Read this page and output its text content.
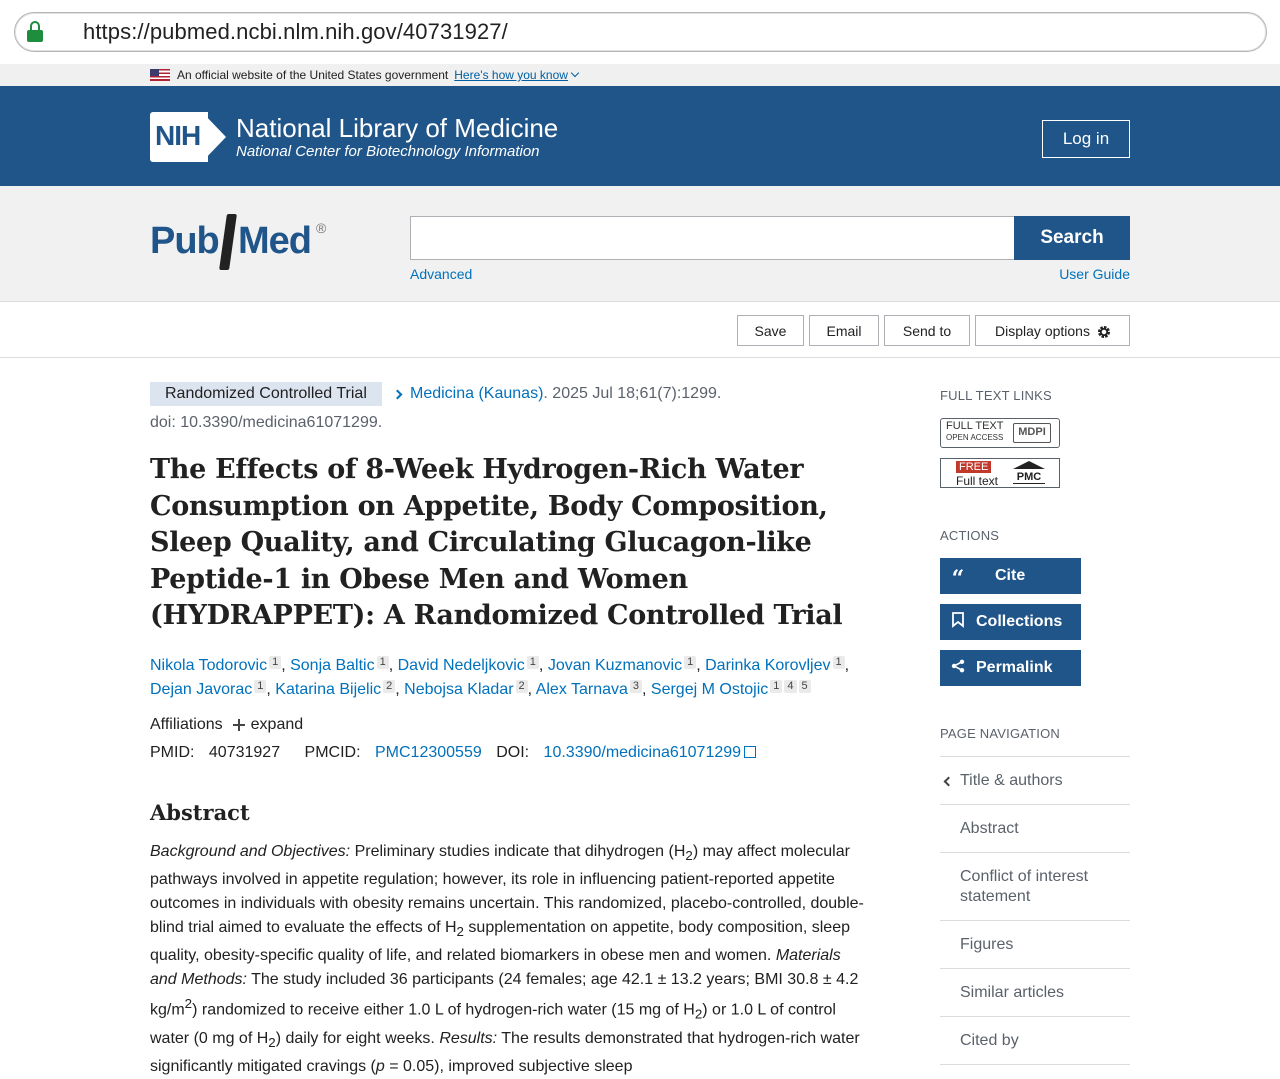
https://pubmed.ncbi.nlm.nih.gov/40731927/
An official website of the United States government Here's how you know
NIH National Library of Medicine
National Center for Biotechnology Information
Log in
Pub Med ®	Search
Advanced	User Guide
Save	Email	Send to	Display options
Randomized Controlled Trial	Medicina (Kaunas) . 2025 Jul 18;61(7):1299.
doi: 10.3390/medicina61071299.
The Effects of 8-Week Hydrogen-Rich Water Consumption on Appetite, Body Composition, Sleep Quality, and Circulating Glucagon-like Peptide-1 in Obese Men and Women (HYDRAPPET): A Randomized Controlled Trial
Nikola Todorovic 1 , Sonja Baltic 1 , David Nedeljkovic 1 , Jovan Kuzmanovic 1 , Darinka Korovljev 1 , Dejan Javorac 1 , Katarina Bijelic 2 , Nebojsa Kladar 2 , Alex Tarnava 3 , Sergej M Ostojic 1 4 5
Affiliations expand
PMID: 40731927 PMCID: PMC12300559 DOI: 10.3390/medicina61071299
Abstract
Background and Objectives: Preliminary studies indicate that dihydrogen $(H_2)$ may affect molecular pathways involved in appetite regulation; however, its role in influencing patient-reported appetite outcomes in individuals with obesity remains uncertain. This randomized, placebo-controlled, double-blind trial aimed to evaluate the effects of $H_2$ supplementation on appetite, body composition, sleep quality, obesity-specific quality of life, and related biomarkers in obese men and women. Materials and Methods: The study included 36 participants (24 females; age 42.1 ± 13.2 years; BMI 30.8 ± 4.2 $kg/m^2$) randomized to receive either 1.0 L of hydrogen-rich water (15 mg of $H_2$) or 1.0 L of control water (0 mg of $H_2$) daily for eight weeks. Results: The results demonstrated that hydrogen-rich water significantly mitigated cravings (p = 0.05), improved subjective sleep
FULL TEXT LINKS
FULL TEXT
OPEN ACCESS	MDPI
FREE
Full text	PMC
ACTIONS
“	Cite
Collections
Permalink
PAGE NAVIGATION
Title & authors
Abstract
Conflict of interest statement
Figures
Similar articles
Cited by
